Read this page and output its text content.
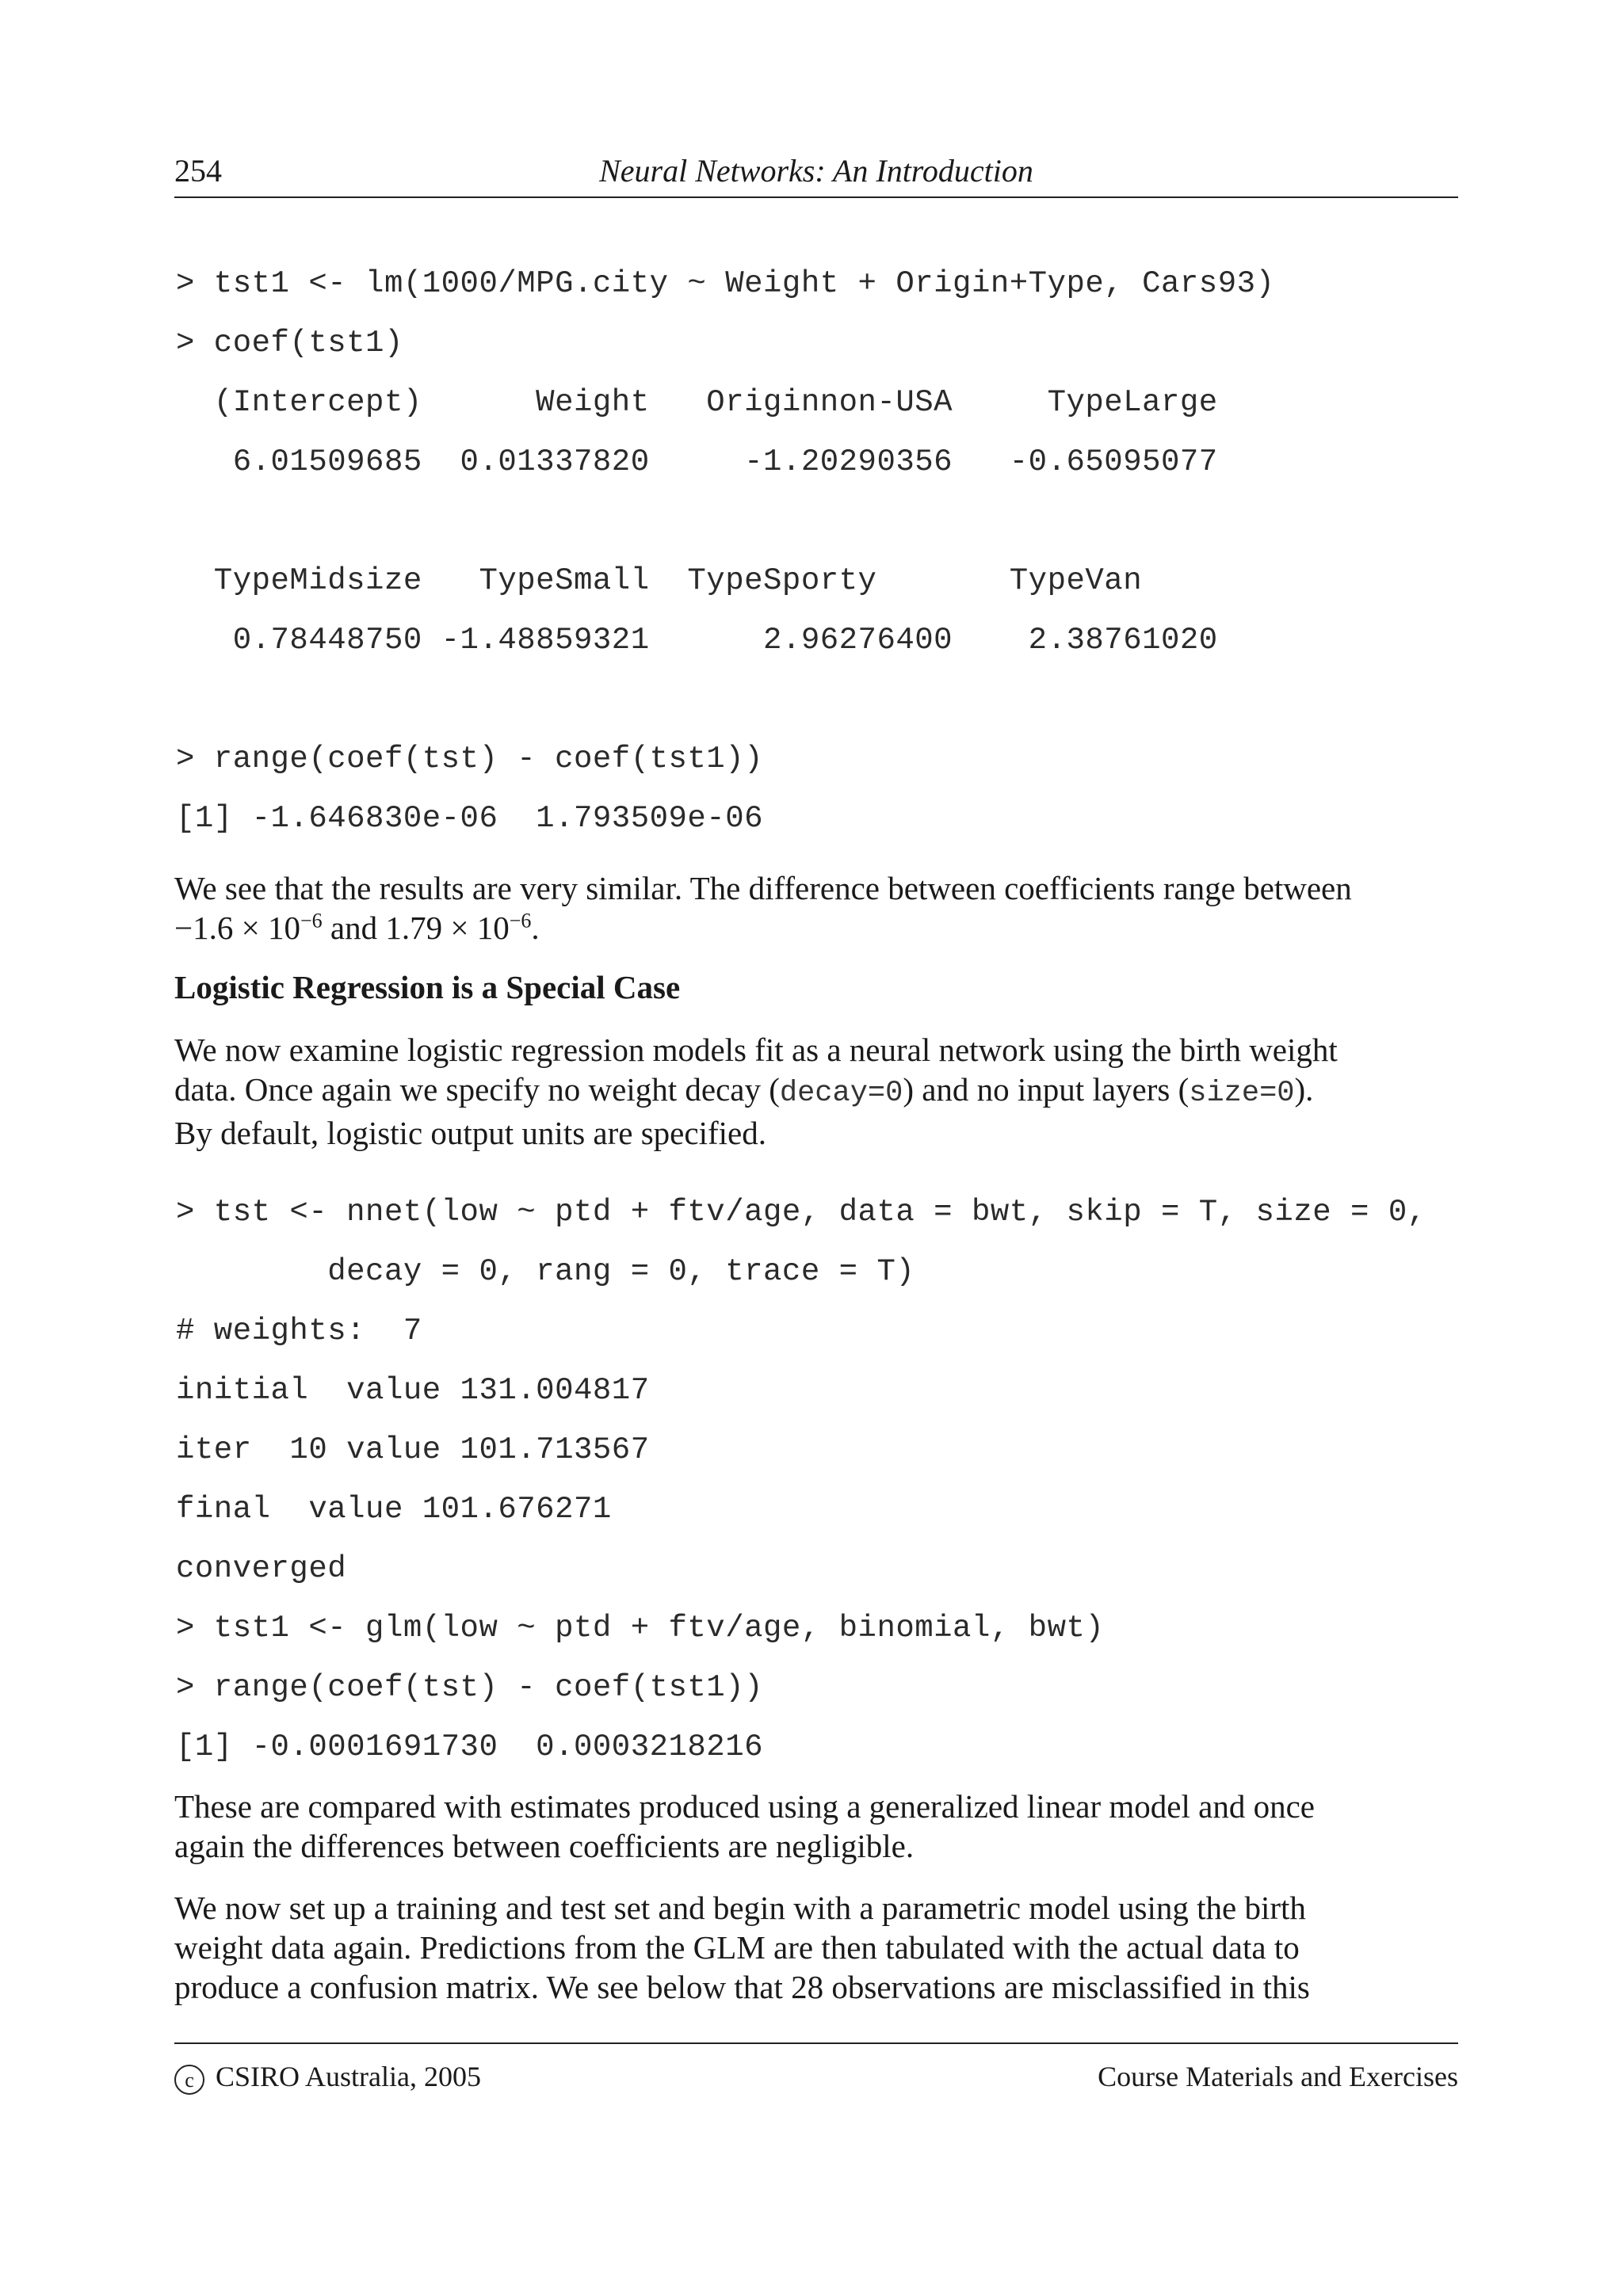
254	Neural Networks: An Introduction
> tst1 <- lm(1000/MPG.city ~ Weight + Origin+Type, Cars93)
> coef(tst1)
(Intercept)      Weight   Originnon-USA     TypeLarge
6.01509685  0.01337820     -1.20290356   -0.65095077
TypeMidsize   TypeSmall  TypeSporty       TypeVan
0.78448750 -1.48859321      2.96276400    2.38761020
> range(coef(tst) - coef(tst1))
[1] -1.646830e-06  1.793509e-06
We see that the results are very similar. The difference between coefficients range between
$-1.6 \times 10^{-6}$ and $1.79 \times 10^{-6}$.
Logistic Regression is a Special Case
We now examine logistic regression models fit as a neural network using the birth weight
data. Once again we specify no weight decay (decay=0) and no input layers (size=0).
By default, logistic output units are specified.
> tst <- nnet(low ~ ptd + ftv/age, data = bwt, skip = T, size = 0,
decay = 0, rang = 0, trace = T)
# weights:  7
initial  value 131.004817
iter  10 value 101.713567
final  value 101.676271
converged
> tst1 <- glm(low ~ ptd + ftv/age, binomial, bwt)
> range(coef(tst) - coef(tst1))
[1] -0.0001691730  0.0003218216
These are compared with estimates produced using a generalized linear model and once
again the differences between coefficients are negligible.
We now set up a training and test set and begin with a parametric model using the birth
weight data again. Predictions from the GLM are then tabulated with the actual data to
produce a confusion matrix. We see below that 28 observations are misclassified in this
c CSIRO Australia, 2005	Course Materials and Exercises
